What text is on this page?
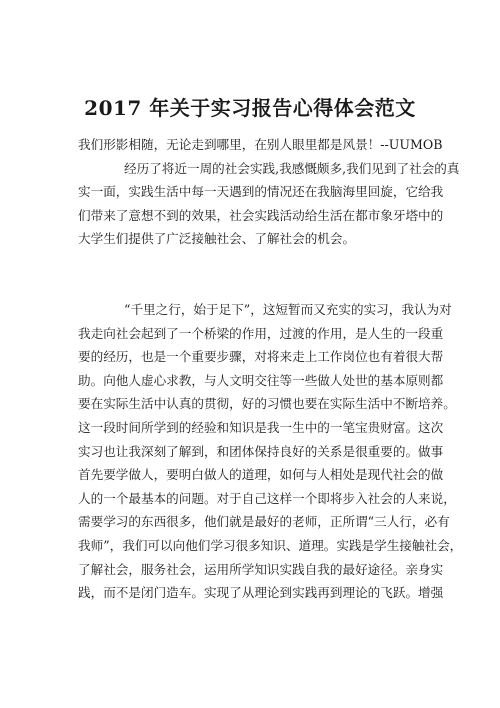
2017 年关于实习报告心得体会范文
我们形影相随，无论走到哪里，在别人眼里都是风景！--UUMOB
经历了将近一周的社会实践,我感慨颇多,我们见到了社会的真
实一面，实践生活中每一天遇到的情况还在我脑海里回旋，它给我
们带来了意想不到的效果，社会实践活动给生活在都市象牙塔中的
大学生们提供了广泛接触社会、了解社会的机会。
“千里之行，始于足下”，这短暂而又充实的实习，我认为对
我走向社会起到了一个桥梁的作用，过渡的作用，是人生的一段重
要的经历，也是一个重要步骤，对将来走上工作岗位也有着很大帮
助。向他人虚心求教，与人文明交往等一些做人处世的基本原则都
要在实际生活中认真的贯彻，好的习惯也要在实际生活中不断培养。
这一段时间所学到的经验和知识是我一生中的一笔宝贵财富。这次
实习也让我深刻了解到，和团体保持良好的关系是很重要的。做事
首先要学做人，要明白做人的道理，如何与人相处是现代社会的做
人的一个最基本的问题。对于自己这样一个即将步入社会的人来说，
需要学习的东西很多，他们就是最好的老师，正所谓“三人行，必有
我师”，我们可以向他们学习很多知识、道理。实践是学生接触社会，
了解社会，服务社会，运用所学知识实践自我的最好途径。亲身实
践，而不是闭门造车。实现了从理论到实践再到理论的飞跃。增强
